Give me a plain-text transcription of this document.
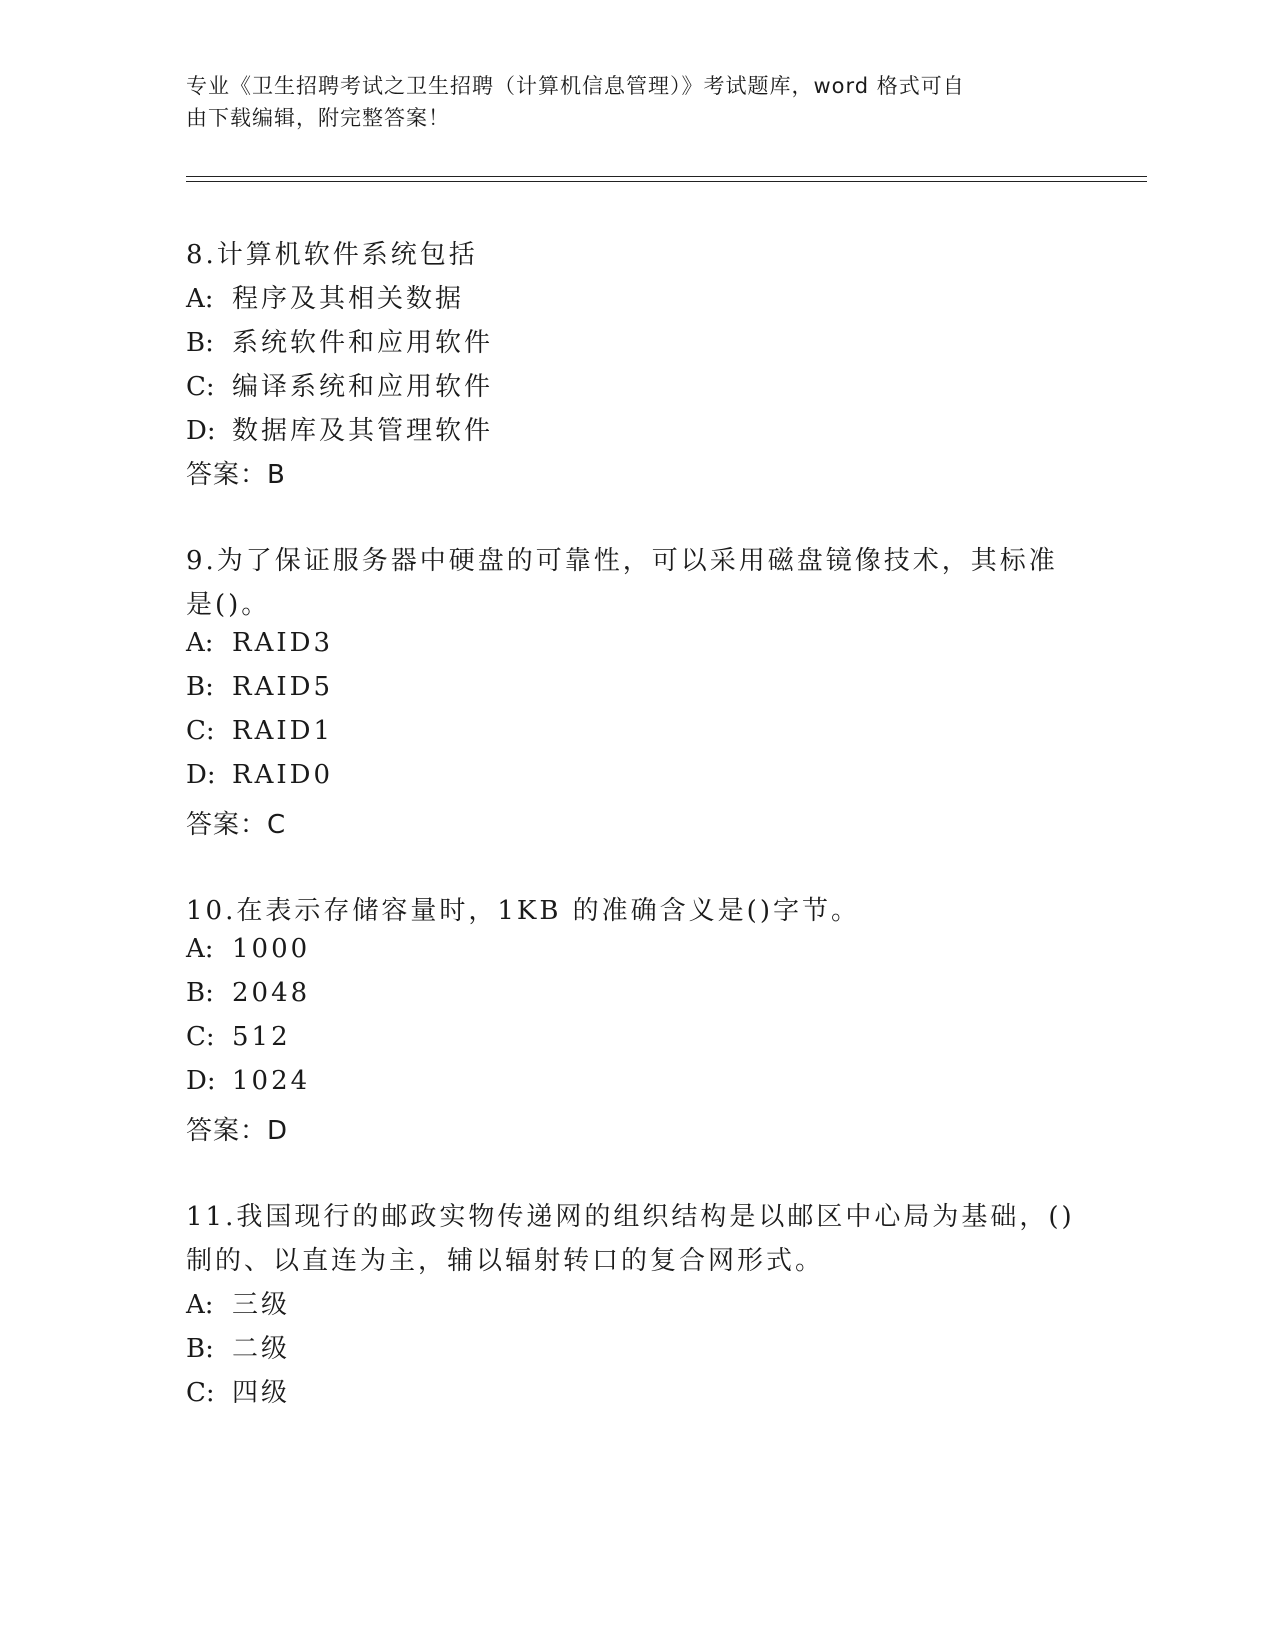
专业《卫生招聘考试之卫生招聘（计算机信息管理）》考试题库，word 格式可自
由下载编辑，附完整答案！
8.计算机软件系统包括
A: 程序及其相关数据
B: 系统软件和应用软件
C: 编译系统和应用软件
D: 数据库及其管理软件
答案：B
9.为了保证服务器中硬盘的可靠性，可以采用磁盘镜像技术，其标准
是()。
A: RAID3
B: RAID5
C: RAID1
D: RAID0
答案：C
10.在表示存储容量时，1KB 的准确含义是()字节。
A: 1000
B: 2048
C: 512
D: 1024
答案：D
11.我国现行的邮政实物传递网的组织结构是以邮区中心局为基础，()
制的、以直连为主，辅以辐射转口的复合网形式。
A: 三级
B: 二级
C: 四级
